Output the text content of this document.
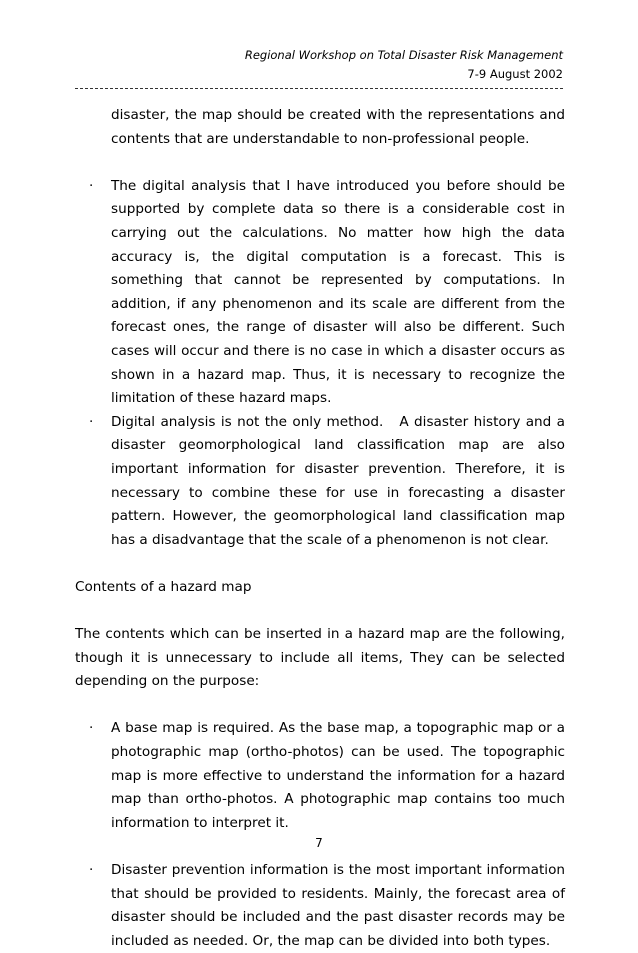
Regional Workshop on Total Disaster Risk Management
7-9 August 2002

disaster, the map should be created with the representations and contents that are understandable to non-professional people.

· The digital analysis that I have introduced you before should be supported by complete data so there is a considerable cost in carrying out the calculations. No matter how high the data accuracy is, the digital computation is a forecast. This is something that cannot be represented by computations. In addition, if any phenomenon and its scale are different from the forecast ones, the range of disaster will also be different. Such cases will occur and there is no case in which a disaster occurs as shown in a hazard map. Thus, it is necessary to recognize the limitation of these hazard maps.
· Digital analysis is not the only method.   A disaster history and a disaster geomorphological land classification map are also important information for disaster prevention. Therefore, it is necessary to combine these for use in forecasting a disaster pattern. However, the geomorphological land classification map has a disadvantage that the scale of a phenomenon is not clear.
Contents of a hazard map

The contents which can be inserted in a hazard map are the following, though it is unnecessary to include all items, They can be selected depending on the purpose:

· A base map is required. As the base map, a topographic map or a photographic map (ortho-photos) can be used. The topographic map is more effective to understand the information for a hazard map than ortho-photos. A photographic map contains too much information to interpret it.
· Disaster prevention information is the most important information that should be provided to residents. Mainly, the forecast area of disaster should be included and the past disaster records may be included as needed. Or, the map can be divided into both types.
7
